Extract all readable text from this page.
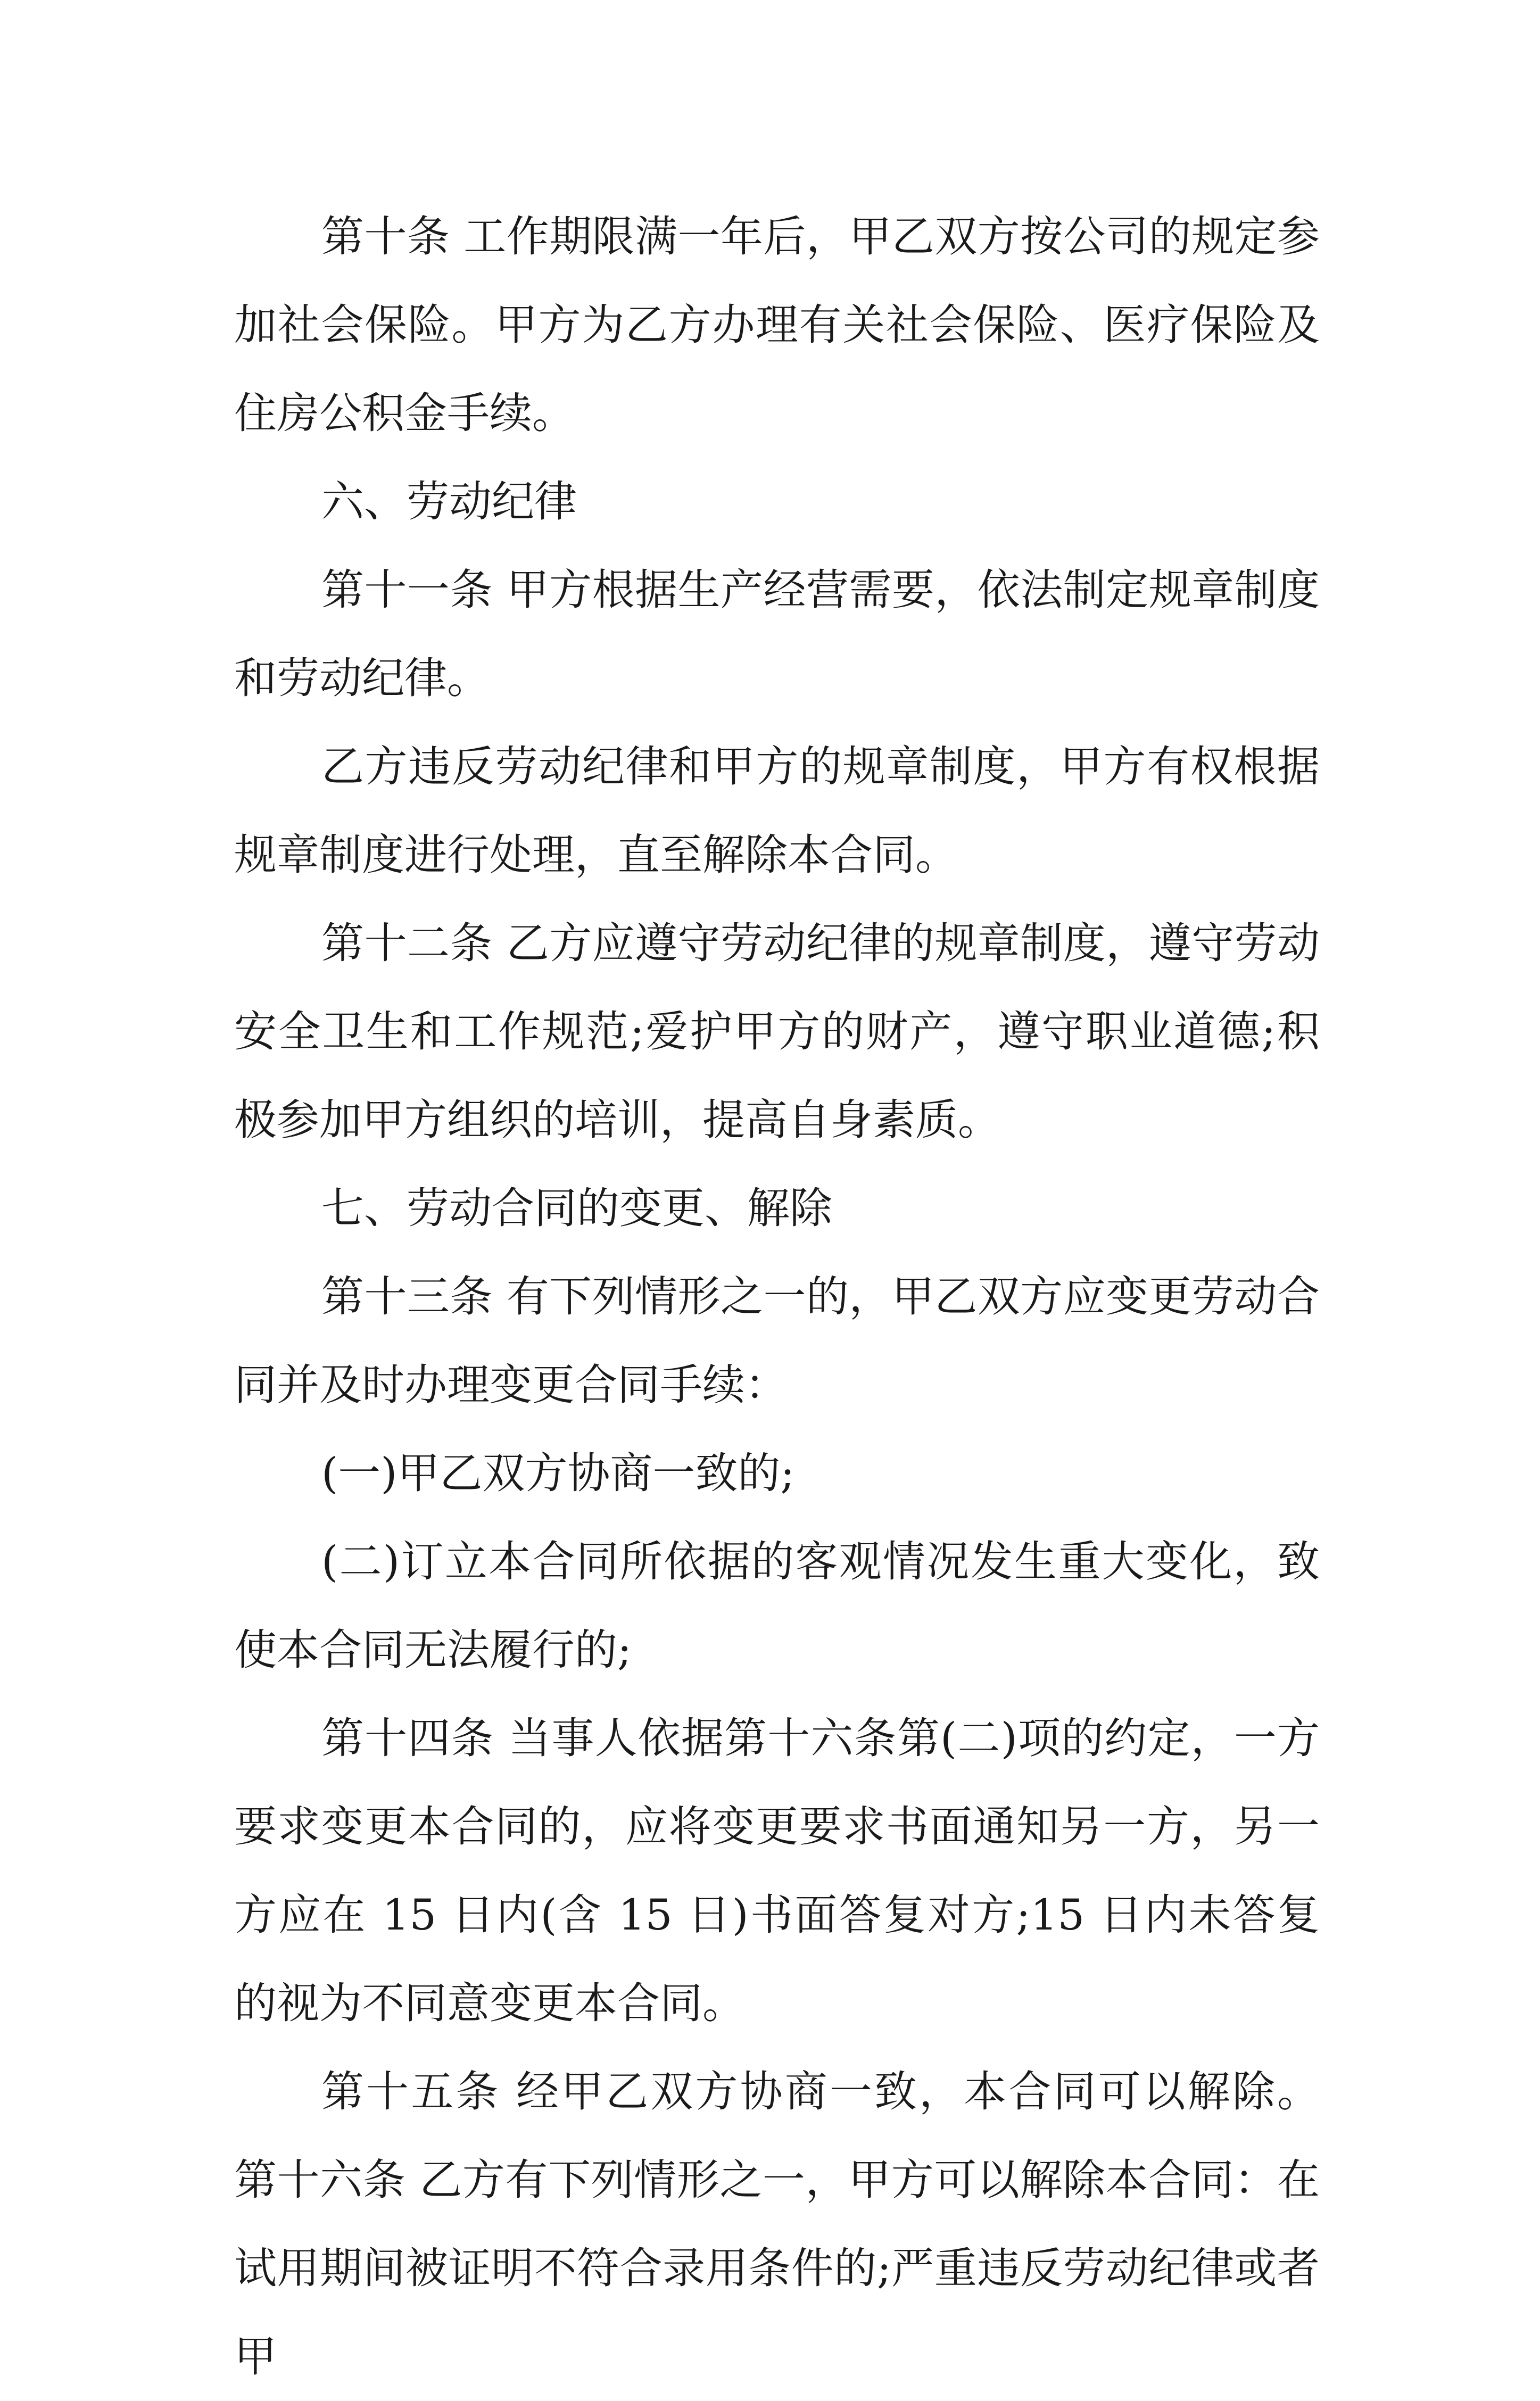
第十条 工作期限满一年后，甲乙双方按公司的规定参加社会保险。甲方为乙方办理有关社会保险、医疗保险及住房公积金手续。

六、劳动纪律

第十一条 甲方根据生产经营需要，依法制定规章制度和劳动纪律。

乙方违反劳动纪律和甲方的规章制度，甲方有权根据规章制度进行处理，直至解除本合同。

第十二条 乙方应遵守劳动纪律的规章制度，遵守劳动安全卫生和工作规范;爱护甲方的财产，遵守职业道德;积极参加甲方组织的培训，提高自身素质。

七、劳动合同的变更、解除

第十三条 有下列情形之一的，甲乙双方应变更劳动合同并及时办理变更合同手续：

(一)甲乙双方协商一致的;

(二)订立本合同所依据的客观情况发生重大变化，致使本合同无法履行的;

第十四条 当事人依据第十六条第(二)项的约定，一方要求变更本合同的，应将变更要求书面通知另一方，另一方应在 15 日内(含 15 日)书面答复对方;15 日内未答复的视为不同意变更本合同。

第十五条 经甲乙双方协商一致，本合同可以解除。 第十六条 乙方有下列情形之一，甲方可以解除本合同：在试用期间被证明不符合录用条件的;严重违反劳动纪律或者甲
